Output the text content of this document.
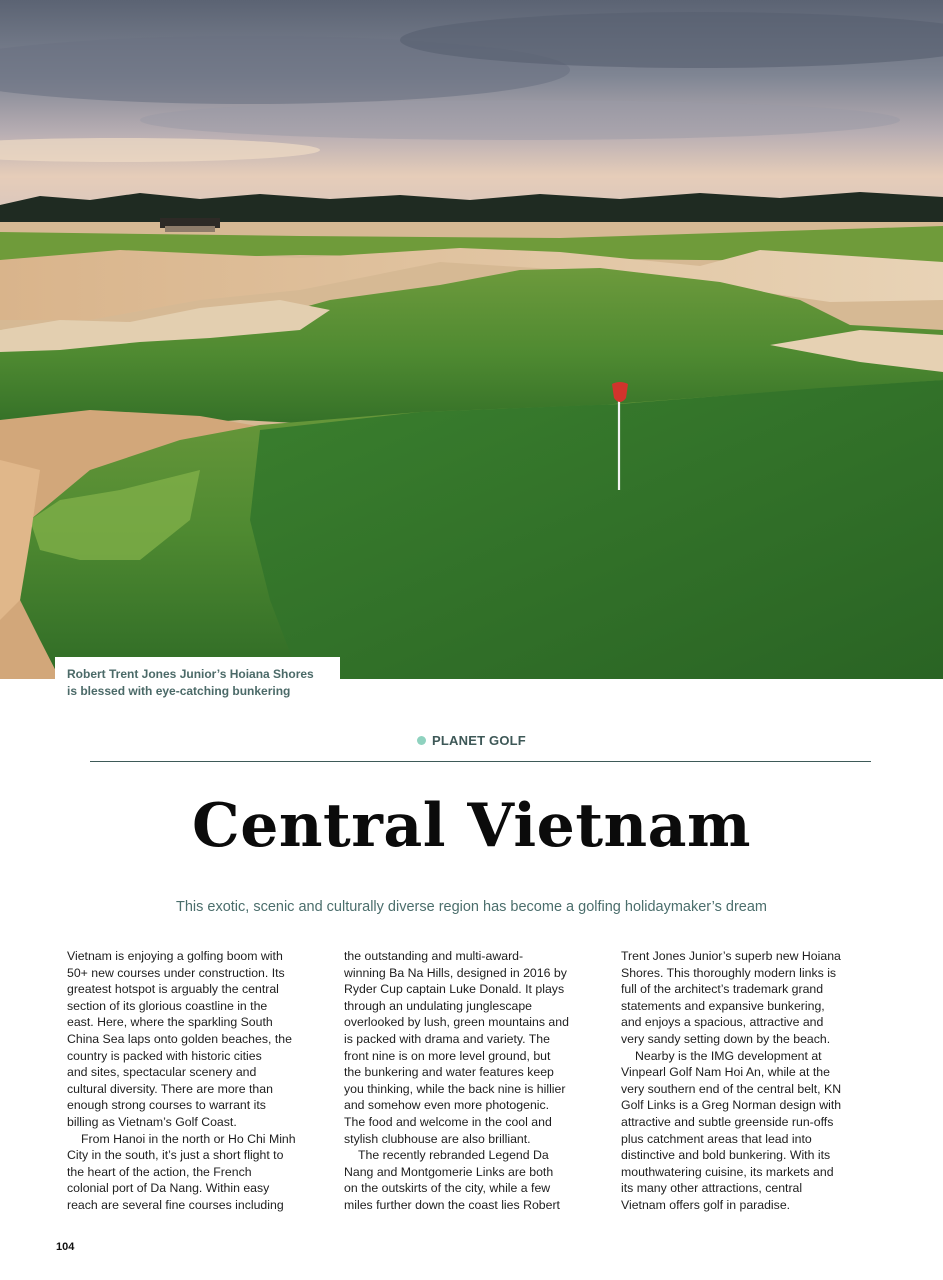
Robert Trent Jones Junior’s Hoiana Shores
is blessed with eye-catching bunkering
PLANET GOLF
Central Vietnam

This exotic, scenic and culturally diverse region has become a golfing holidaymaker’s dream

Vietnam is enjoying a golfing boom with
50+ new courses under construction. Its
greatest hotspot is arguably the central
section of its glorious coastline in the
east. Here, where the sparkling South
China Sea laps onto golden beaches, the
country is packed with historic cities
and sites, spectacular scenery and
cultural diversity. There are more than
enough strong courses to warrant its
billing as Vietnam’s Golf Coast.

From Hanoi in the north or Ho Chi Minh
City in the south, it’s just a short flight to
the heart of the action, the French
colonial port of Da Nang. Within easy
reach are several fine courses including

the outstanding and multi-award-
winning Ba Na Hills, designed in 2016 by
Ryder Cup captain Luke Donald. It plays
through an undulating junglescape
overlooked by lush, green mountains and
is packed with drama and variety. The
front nine is on more level ground, but
the bunkering and water features keep
you thinking, while the back nine is hillier
and somehow even more photogenic.
The food and welcome in the cool and
stylish clubhouse are also brilliant.

The recently rebranded Legend Da
Nang and Montgomerie Links are both
on the outskirts of the city, while a few
miles further down the coast lies Robert

Trent Jones Junior’s superb new Hoiana
Shores. This thoroughly modern links is
full of the architect’s trademark grand
statements and expansive bunkering,
and enjoys a spacious, attractive and
very sandy setting down by the beach.

Nearby is the IMG development at
Vinpearl Golf Nam Hoi An, while at the
very southern end of the central belt, KN
Golf Links is a Greg Norman design with
attractive and subtle greenside run-offs
plus catchment areas that lead into
distinctive and bold bunkering. With its
mouthwatering cuisine, its markets and
its many other attractions, central
Vietnam offers golf in paradise.

104
